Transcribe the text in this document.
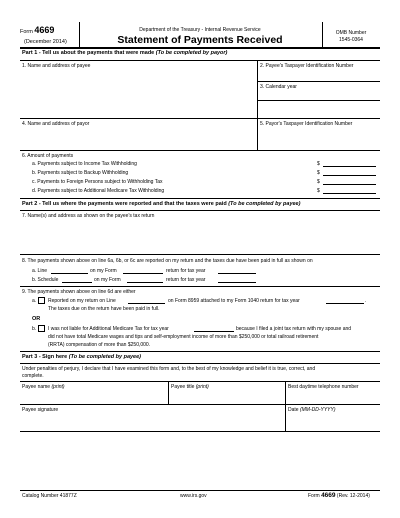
Form 4669
(December 2014)
Department of the Treasury - Internal Revenue Service
Statement of Payments Received
OMB Number
1545-0364
Part 1 - Tell us about the payments that were made (To be completed by payor)
1. Name and address of payee	2. Payee's Taxpayer Identification Number
3. Calendar year
4. Name and address of payor	5. Payor's Taxpayer Identification Number
6. Amount of payments
a. Payments subject to Income Tax Withholding	$
b. Payments subject to Backup Withholding	$
c. Payments to Foreign Persons subject to Withholding Tax	$
d. Payments subject to Additional Medicare Tax Withholding	$
Part 2 - Tell us where the payments were reported and that the taxes were paid (To be completed by payee)
7. Name(s) and address as shown on the payee's tax return
8. The payments shown above on line 6a, 6b, or 6c are reported on my return and the taxes due have been paid in full as shown on
a. Line	on my Form	return for tax year
b. Schedule	on my Form	return for tax year
9. The payments shown above on line 6d are either
a. Reported on my return on Line	on Form 8959 attached to my Form 1040 return for tax year	.
The taxes due on the return have been paid in full.
OR
b. I was not liable for Additional Medicare Tax for tax year	because I filed a joint tax return with my spouse and
did not have total Medicare wages and tips and self-employment income of more than $250,000 or total railroad retirement
(RRTA) compensation of more than $250,000.
Part 3 - Sign here (To be completed by payee)
Under penalties of perjury, I declare that I have examined this form and, to the best of my knowledge and belief it is true, correct, and
complete.
Payee name (print)	Payee title (print)	Best daytime telephone number
Payee signature	Date (MM-DD-YYYY)
Catalog Number 41877Z	www.irs.gov	Form 4669 (Rev. 12-2014)
